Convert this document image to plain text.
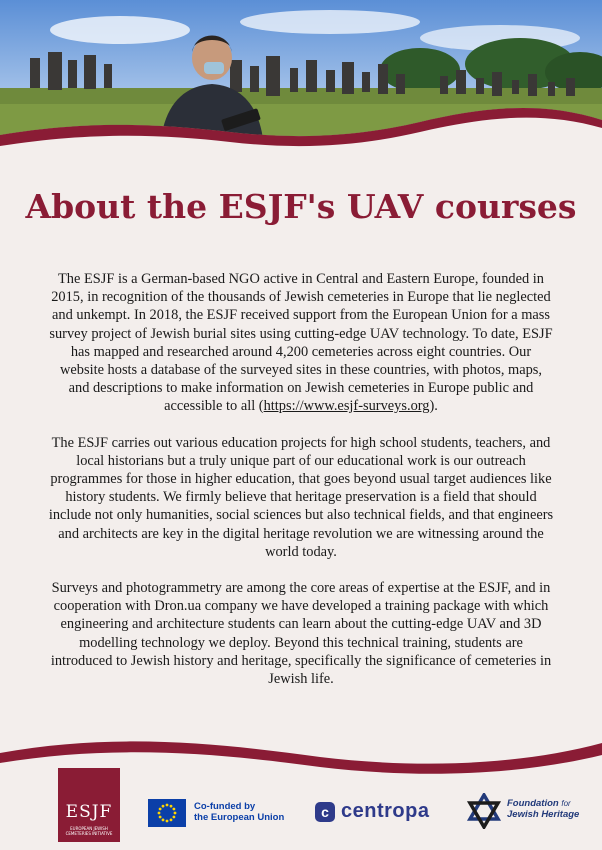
About the ESJF's UAV courses

The ESJF is a German-based NGO active in Central and Eastern Europe, founded in 2015, in recognition of the thousands of Jewish cemeteries in Europe that lie neglected and unkempt. In 2018, the ESJF received support from the European Union for a mass survey project of Jewish burial sites using cutting-edge UAV technology. To date, ESJF has mapped and researched around 4,200 cemeteries across eight countries. Our website hosts a database of the surveyed sites in these countries, with photos, maps, and descriptions to make information on Jewish cemeteries in Europe public and accessible to all (https://www.esjf-surveys.org).

The ESJF carries out various education projects for high school students, teachers, and local historians but a truly unique part of our educational work is our outreach programmes for those in higher education, that goes beyond usual target audiences like history students. We firmly believe that heritage preservation is a field that should include not only humanities, social sciences but also technical fields, and that engineers and architects are key in the digital heritage revolution we are witnessing around the world today.

Surveys and photogrammetry are among the core areas of expertise at the ESJF, and in cooperation with Dron.ua company we have developed a training package with which engineering and architecture students can learn about the cutting-edge UAV and 3D modelling technology we deploy. Beyond this technical training, students are introduced to Jewish history and heritage, specifically the significance of cemeteries in Jewish life.

ESJF
EUROPEAN JEWISH CEMETERIES INITIATIVE
Co-funded by
the European Union	c centropa	Foundation for
Jewish Heritage
